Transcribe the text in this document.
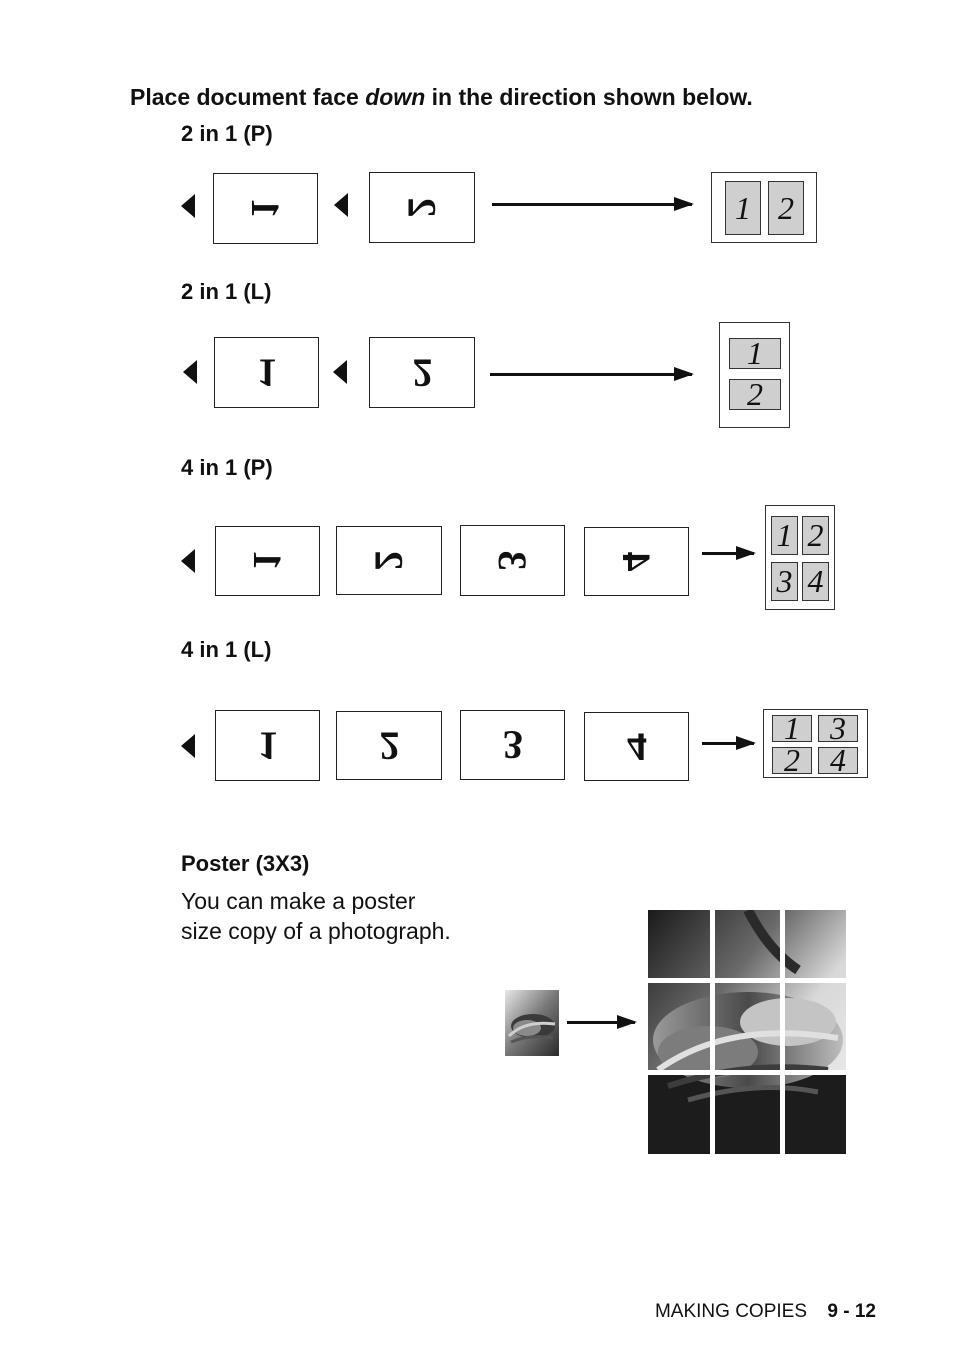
Place document face down in the direction shown below.
2 in 1 (P)
1	2	1 2
2 in 1 (L)
1	2	1
2
4 in 1 (P)
1 2 3 4
1 2
3 4
4 in 1 (L)
1	2	3	4	1 3
2 4
Poster (3X3)
You can make a poster size copy of a photograph.
MAKING COPIES 9 - 12
